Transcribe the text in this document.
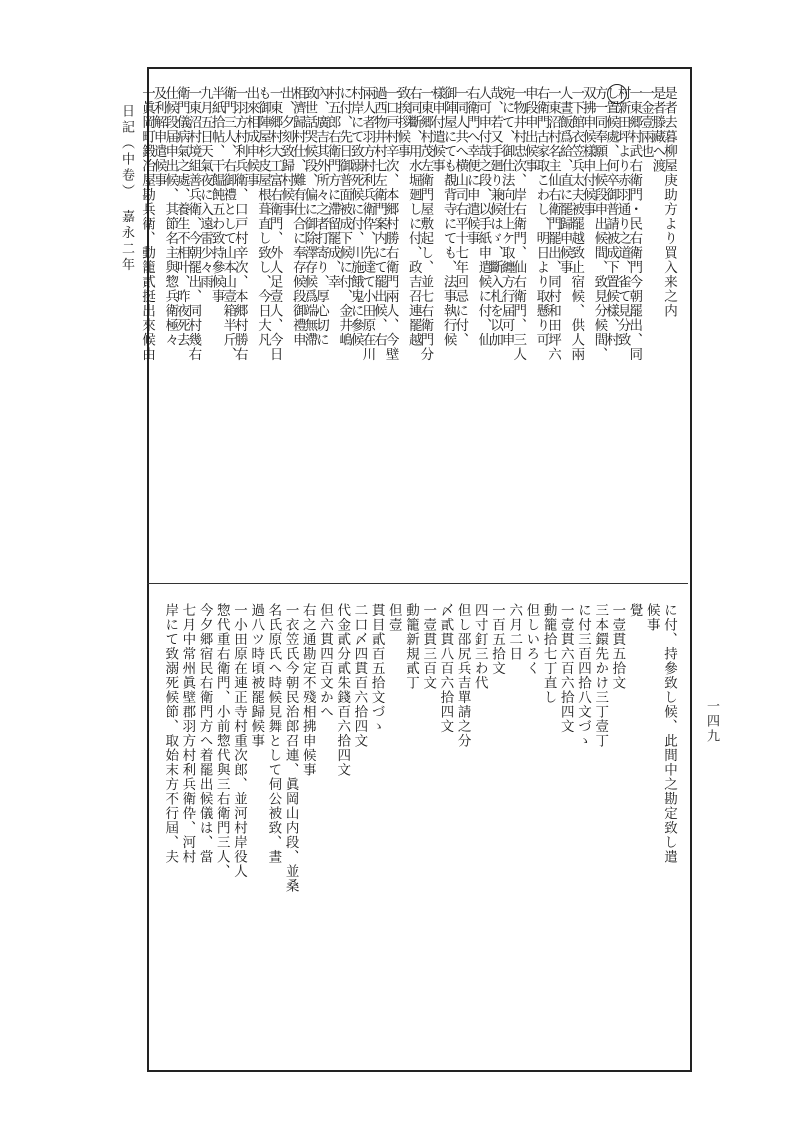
日記（中卷）　嘉永二年
一四九
是者去暮柳屋庚助方より買入来之内
是者滕藏へ渡
一金壹兩也
一東郷村武右衛門・民右衛門今朝罷出、同
村新田坪より赤羽通り之道、雀て見分致
し置候處、何卒御普請被成下置候樣、村
方一同奉願上候段申出候間、致見分候間、
双拂申候樣申付候事
一下館衣笠兵太夫被罷越致止宿候、供人兩
人晝飯爲給、直に罷歸申候事
一東沼村名主仙右衛門罷出、同村和田坪六
右衛門古家取こわし、明日より取懸り可
申段申出候事
一物井村忠次、岸右衛門、仙右衛門、三人
宛にて、御仕法向仕上ケ取纏方行届可申
哉、若又手廻り兼候はゞ、斷入札を以加
人可申付哉之段、以手紙申遣候に付、仙
右衛門へ幸便に申遣候事
一同人共へ横山司右平十七年回忌に付、
御陣屋にても覩背寺にても、法事執行候
樣申付遣候事
一東郷村茂左衛門屋敷起し、並七右衛門分
右同斷、用水堀廻しに付、政吉召連罷越
致挨拶候事
一口戸村辛次、本郷村勝右衛門兩人、今壁
過西物井村七左衛門案内にて罷出候、右
兩人者羽方村利兵衛伜、先達て小田原在川
村岸にて致溺死候に付、川施餓鬼に參候
に付、先日御普面被成下候に付、金井嶋
村五郎右衛門方に滯留罷成、幸
內、廣吉其外所々之者打寄り、厚心切に
致世話哭候段、偏に御除澤存候爲端無滯
相濟歸村仕、難有仕合に奉存候段御禮申
出、夕刻致歸村候事
一東郷村大工富右衛門、外人足壹人、今日
も御陣屋杉皮屋根葺直し致し、今日大凡
出來相成申候事
一羽方村利兵衛、口戸村辛次、本郷村勝右
衛門三人、右御禮として山本山壹箱半斤、
半紙拾帖、干饂飩五わ致持參候事
九月五日天氣夜に入遠雷少々雨
一東沼村境組善兵衛、今朝罷出、同村幾右
衛門儀病氣之處、養生不相叶、昨夜死去
仕候段届申出候、其節名主與惣兵衛極々
及利解申遣候事
一眞岡町鍛冶屋勘兵衛、動籠貳挺出來候由
に付、持參致し候、此間中之勘定致し遣
候事
覺
一壹貫五拾文
三本鐶先かけ三丁壹丁
に付三百四拾八文づゝ
一壹貫六百六拾四文
動籠拾七丁直し
但しいろく
六月二日
一百五拾文
四寸釘三わ代
但し邵尻兵吉單請之分
〆貳貫八百六拾四文
一壹貫三百文
動籠新規貳丁
但壹
貫目貳百五拾文づゝ
二口〆四貫百六拾四文
代金貳分貳朱錢百六拾四文
但六貫四百文かへ
右之通勘定不殘相拂申候事
一衣笠氏今朝民治郎召連、眞岡山内段、並桑
名氏原氏へ時候見舞として伺公被致、晝
過八ツ時頃被罷歸候事
一小田原在連正寺村重次郎、並河村岸役人
惣代重右衛門、小前惣代與三右衛門三人、
今夕郷宿民右衛門方へ着罷出候儀は、當
七月中常州眞壁郡羽方村利兵衛伜、河村
岸にて致溺死候節、取始末方不行屆、夫
